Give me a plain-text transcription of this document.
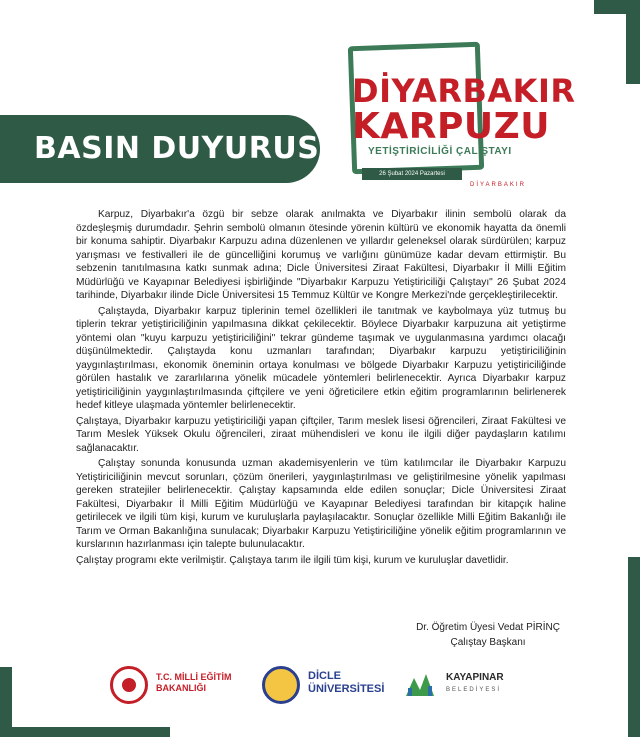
BASIN DUYURUSU
DİYARBAKIR
KARPUZU
YETİŞTİRİCİLİĞİ ÇALIŞTAYI
26 Şubat 2024 Pazartesi
DİYARBAKIR

Karpuz, Diyarbakır'a özgü bir sebze olarak anılmakta ve Diyarbakır ilinin sembolü olarak da özdeşleşmiş durumdadır. Şehrin sembolü olmanın ötesinde yörenin kültürü ve ekonomik hayatta da önemli bir konuma sahiptir. Diyarbakır Karpuzu adına düzenlenen ve yıllardır geleneksel olarak sürdürülen; karpuz yarışması ve festivalleri ile de güncelliğini korumuş ve varlığını günümüze kadar devam ettirmiştir. Bu sebzenin tanıtılmasına katkı sunmak adına; Dicle Üniversitesi Ziraat Fakültesi, Diyarbakır İl Milli Eğitim Müdürlüğü ve Kayapınar Belediyesi işbirliğinde "Diyarbakır Karpuzu Yetiştiriciliği Çalıştayı" 26 Şubat 2024 tarihinde, Diyarbakır ilinde Dicle Üniversitesi 15 Temmuz Kültür ve Kongre Merkezi'nde gerçekleştirilecektir.

Çalıştayda, Diyarbakır karpuz tiplerinin temel özellikleri ile tanıtmak ve kaybolmaya yüz tutmuş bu tiplerin tekrar yetiştiriciliğinin yapılmasına dikkat çekilecektir. Böylece Diyarbakır karpuzuna ait yetiştirme yöntemi olan "kuyu karpuzu yetiştiriciliğini" tekrar gündeme taşımak ve uygulanmasına yardımcı olacağı düşünülmektedir. Çalıştayda konu uzmanları tarafından; Diyarbakır karpuzu yetiştiriciliğinin yaygınlaştırılması, ekonomik öneminin ortaya konulması ve bölgede Diyarbakır Karpuzu yetiştiriciliğinde görülen hastalık ve zararlılarına yönelik mücadele yöntemleri belirlenecektir. Ayrıca Diyarbakır karpuz yetiştiriciliğinin yaygınlaştırılmasında çiftçilere ve yeni öğreticilere etkin eğitim programlarının belirlenerek hedef kitleye ulaşmada yöntemler belirlenecektir.

Çalıştaya, Diyarbakır karpuzu yetiştiriciliği yapan çiftçiler, Tarım meslek lisesi öğrencileri, Ziraat Fakültesi ve Tarım Meslek Yüksek Okulu öğrencileri, ziraat mühendisleri ve konu ile ilgili diğer paydaşların katılımı sağlanacaktır.

Çalıştay sonunda konusunda uzman akademisyenlerin ve tüm katılımcılar ile Diyarbakır Karpuzu Yetiştiriciliğinin mevcut sorunları, çözüm önerileri, yaygınlaştırılması ve geliştirilmesine yönelik yapılması gereken stratejiler belirlenecektir. Çalıştay kapsamında elde edilen sonuçlar; Dicle Üniversitesi Ziraat Fakültesi, Diyarbakır İl Milli Eğitim Müdürlüğü ve Kayapınar Belediyesi tarafından bir kitapçık haline getirilecek ve ilgili tüm kişi, kurum ve kuruluşlarla paylaşılacaktır. Sonuçlar özellikle Milli Eğitim Bakanlığı ile Tarım ve Orman Bakanlığına sunulacak; Diyarbakır Karpuzu Yetiştiriciliğine yönelik eğitim programlarının ve kurslarının hazırlanması için talepte bulunulacaktır.

Çalıştay programı ekte verilmiştir. Çalıştaya tarım ile ilgili tüm kişi, kurum ve kuruluşlar davetlidir.

Dr. Öğretim Üyesi Vedat PİRİNÇ
Çalıştay Başkanı
T.C. MİLLİ EĞİTİM
BAKANLIĞI
DİCLE
ÜNİVERSİTESİ
KAYAPINAR
BELEDİYESİ
